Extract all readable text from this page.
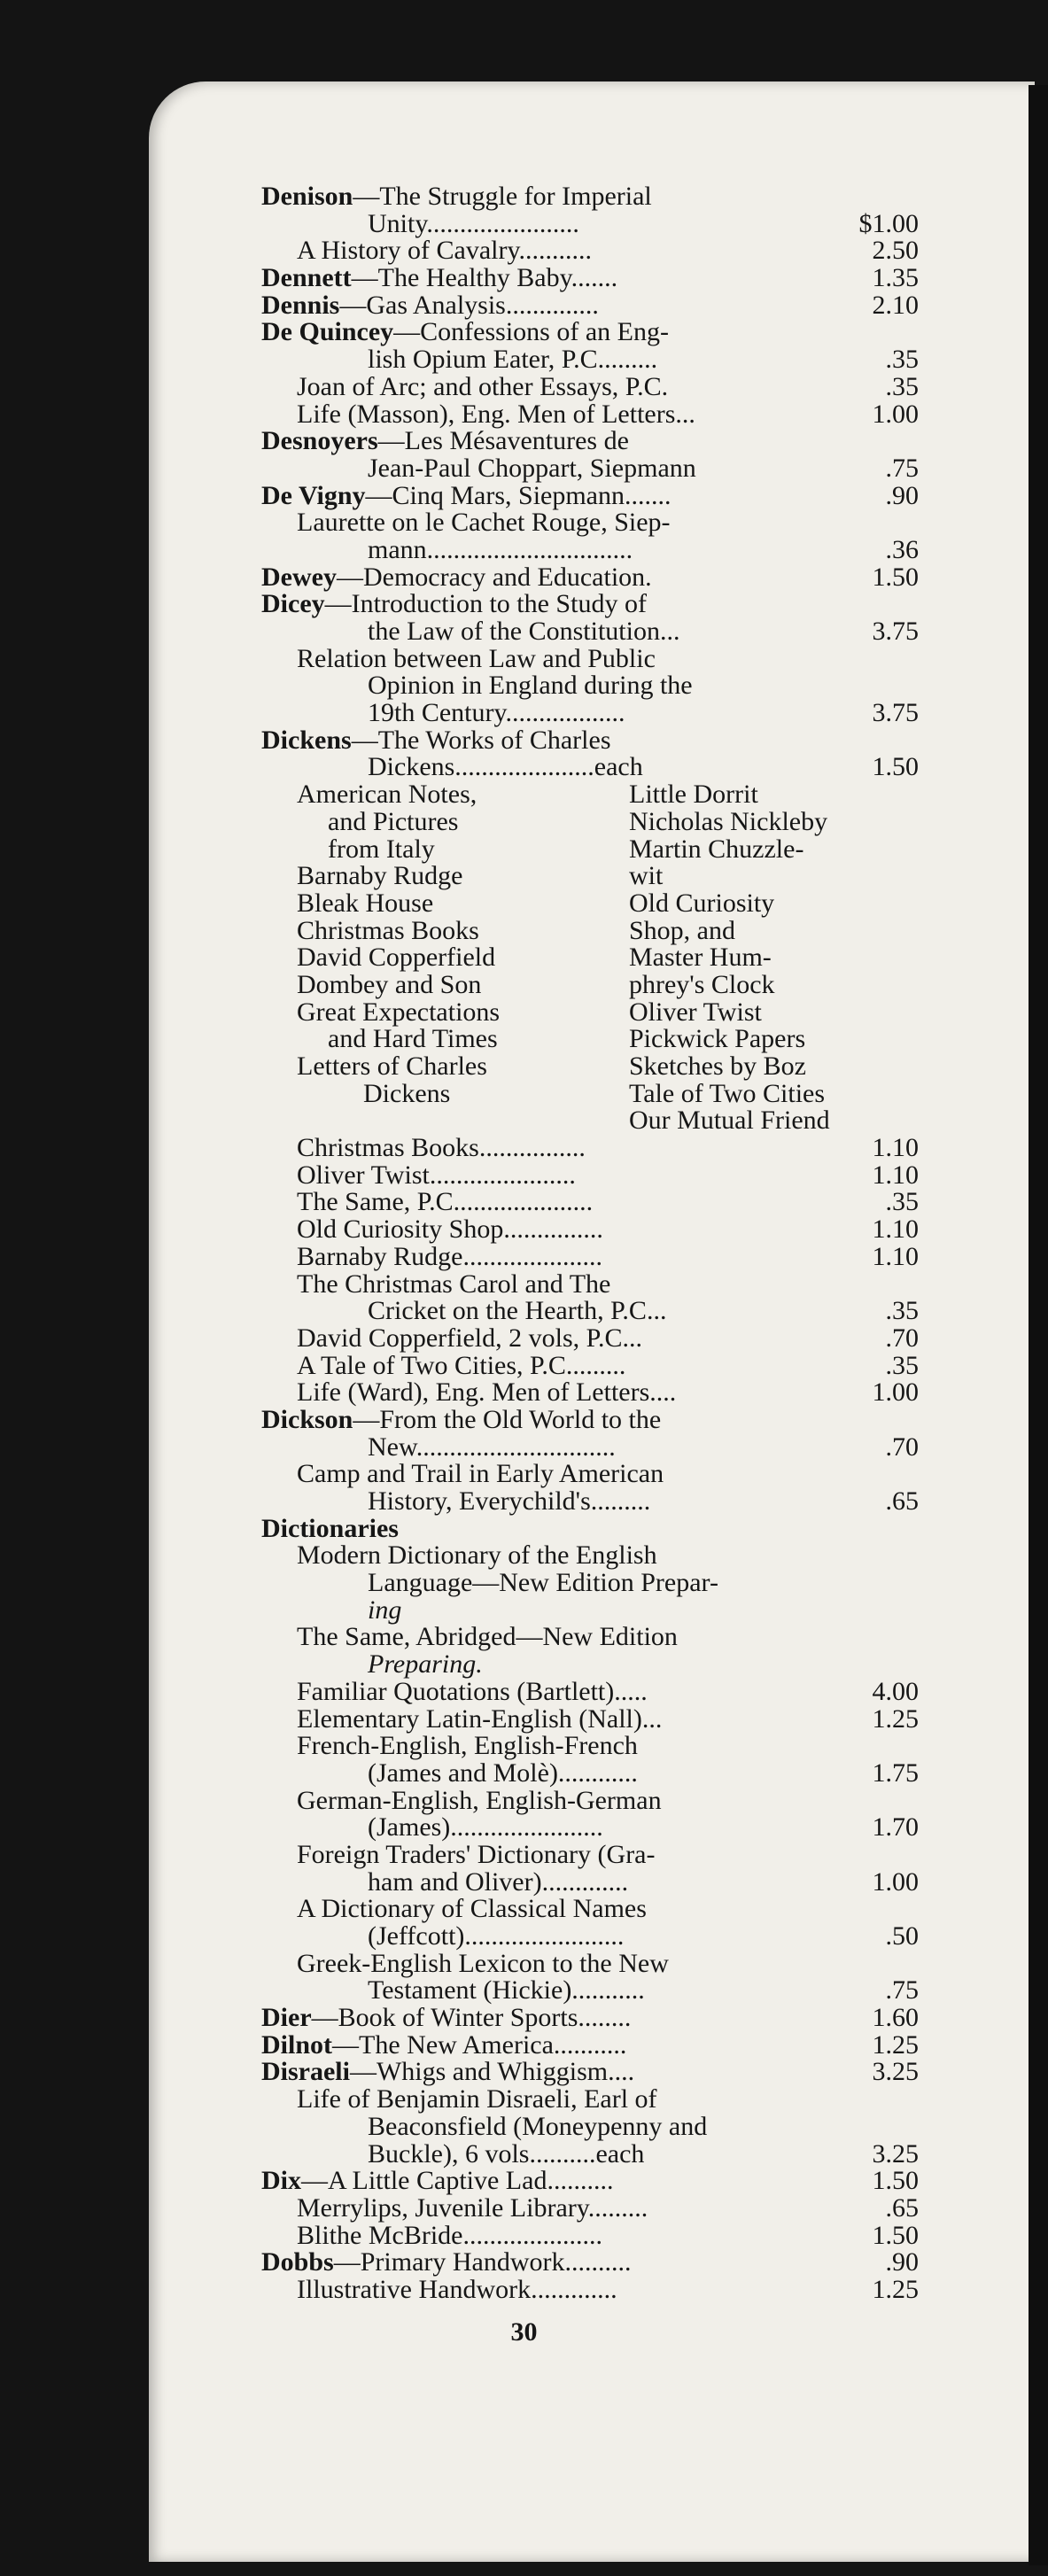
Denison—The Struggle for Imperial
Unity.......................	$1.00
A History of Cavalry...........	2.50
Dennett—The Healthy Baby.......	1.35
Dennis—Gas Analysis..............	2.10
De Quincey—Confessions of an Eng-
lish Opium Eater, P.C.........	.35
Joan of Arc; and other Essays, P.C.	.35
Life (Masson), Eng. Men of Letters...	1.00
Desnoyers—Les Mésaventures de
Jean-Paul Choppart, Siepmann	.75
De Vigny—Cinq Mars, Siepmann.......	.90
Laurette on le Cachet Rouge, Siep-
mann...............................	.36
Dewey—Democracy and Education.	1.50
Dicey—Introduction to the Study of
the Law of the Constitution...	3.75
Relation between Law and Public
Opinion in England during the
19th Century..................	3.75
Dickens—The Works of Charles
Dickens.....................each	1.50
American Notes,	Little Dorrit
and Pictures	Nicholas Nickleby
from Italy	Martin Chuzzle-
Barnaby Rudge	wit
Bleak House	Old Curiosity
Christmas Books	Shop, and
David Copperfield	Master Hum-
Dombey and Son	phrey's Clock
Great Expectations	Oliver Twist
and Hard Times	Pickwick Papers
Letters of Charles	Sketches by Boz
Dickens	Tale of Two Cities
Our Mutual Friend
Christmas Books................	1.10
Oliver Twist......................	1.10
The Same, P.C.....................	.35
Old Curiosity Shop...............	1.10
Barnaby Rudge.....................	1.10
The Christmas Carol and The
Cricket on the Hearth, P.C...	.35
David Copperfield, 2 vols, P.C...	.70
A Tale of Two Cities, P.C.........	.35
Life (Ward), Eng. Men of Letters....	1.00
Dickson—From the Old World to the
New..............................	.70
Camp and Trail in Early American
History, Everychild's.........	.65
Dictionaries
Modern Dictionary of the English
Language—New Edition Prepar-
ing
The Same, Abridged—New Edition
Preparing.
Familiar Quotations (Bartlett).....	4.00
Elementary Latin-English (Nall)...	1.25
French-English, English-French
(James and Molè)............	1.75
German-English, English-German
(James).......................	1.70
Foreign Traders' Dictionary (Gra-
ham and Oliver).............	1.00
A Dictionary of Classical Names
(Jeffcott)........................	.50
Greek-English Lexicon to the New
Testament (Hickie)...........	.75
Dier—Book of Winter Sports........	1.60
Dilnot—The New America...........	1.25
Disraeli—Whigs and Whiggism....	3.25
Life of Benjamin Disraeli, Earl of
Beaconsfield (Moneypenny and
Buckle), 6 vols..........each	3.25
Dix—A Little Captive Lad..........	1.50
Merrylips, Juvenile Library.........	.65
Blithe McBride.....................	1.50
Dobbs—Primary Handwork..........	.90
Illustrative Handwork.............	1.25
30
